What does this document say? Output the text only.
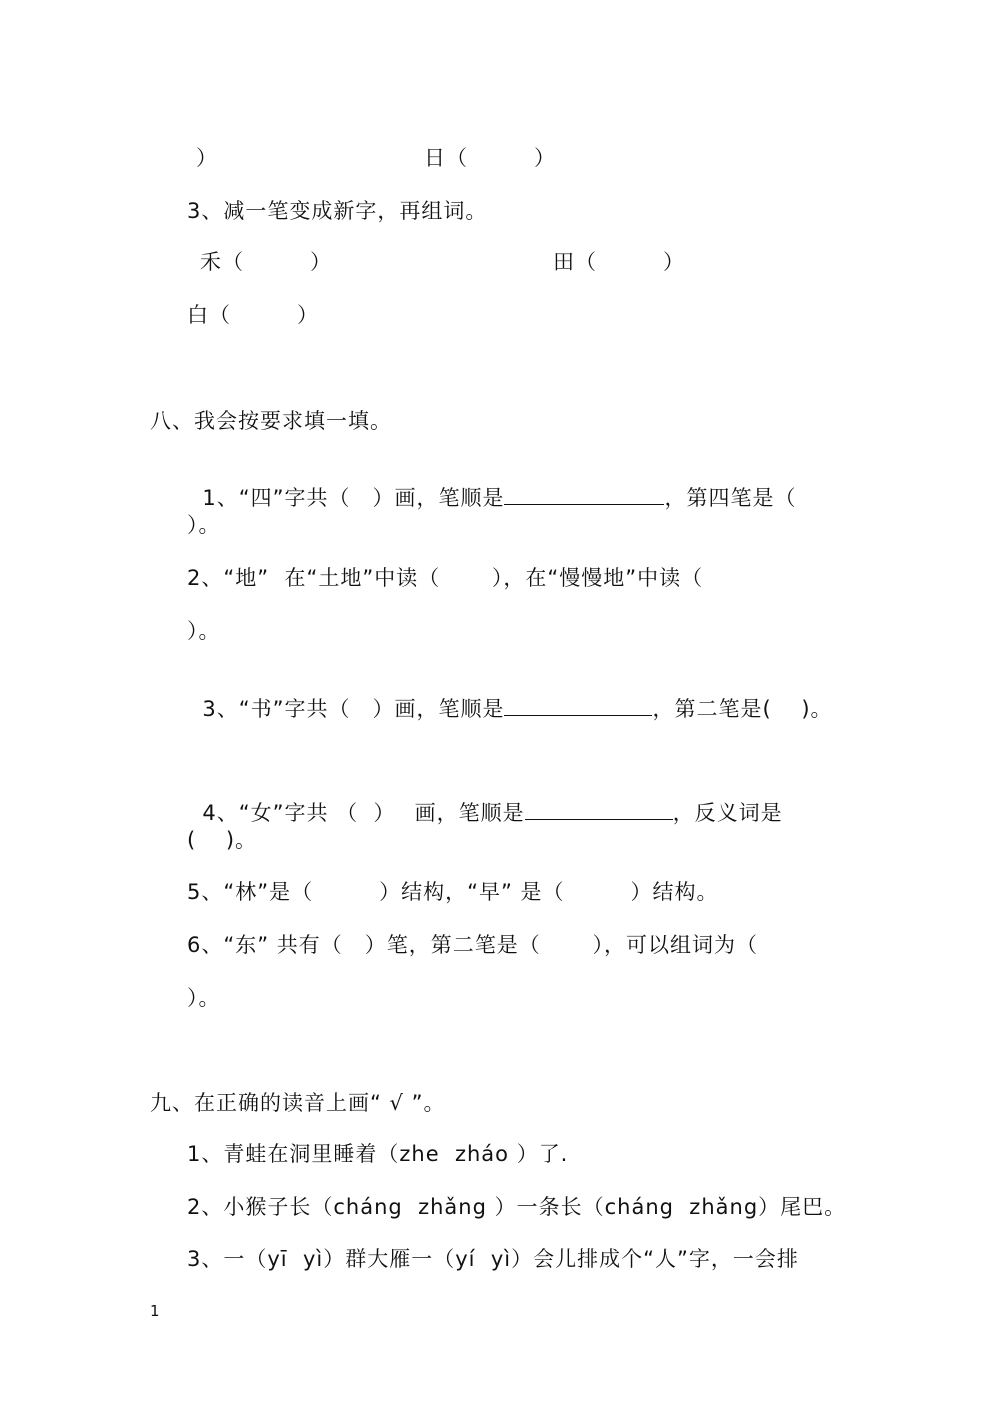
）	日（　　　）
3、减一笔变成新字，再组词。
禾（　　　）	田（　　　）
白（　　　）
八、我会按要求填一填。

1、“四”字共（　）画，笔顺是	，第四笔是（

）。
2、“地”  在“土地”中读（　　 ），在“慢慢地”中读（
）。

3、“书”字共（　）画，笔顺是	，第二笔是(　 )。

4、“女”字共 （  ）　 画，笔顺是	，反义词是

(　 )。
5、“林”是（　　　）结构，“早” 是（　　　）结构。
6、“东” 共有（　）笔，第二笔是（　　 ），可以组词为（
）。
九、在正确的读音上画“ √ ”。
1、青蛙在洞里睡着（zhe  zháo ）了.
2、小猴子长（cháng  zhǎng ）一条长（cháng  zhǎng）尾巴。
3、一（yī  yì）群大雁一（yí  yì）会儿排成个“人”字，一会排
1
